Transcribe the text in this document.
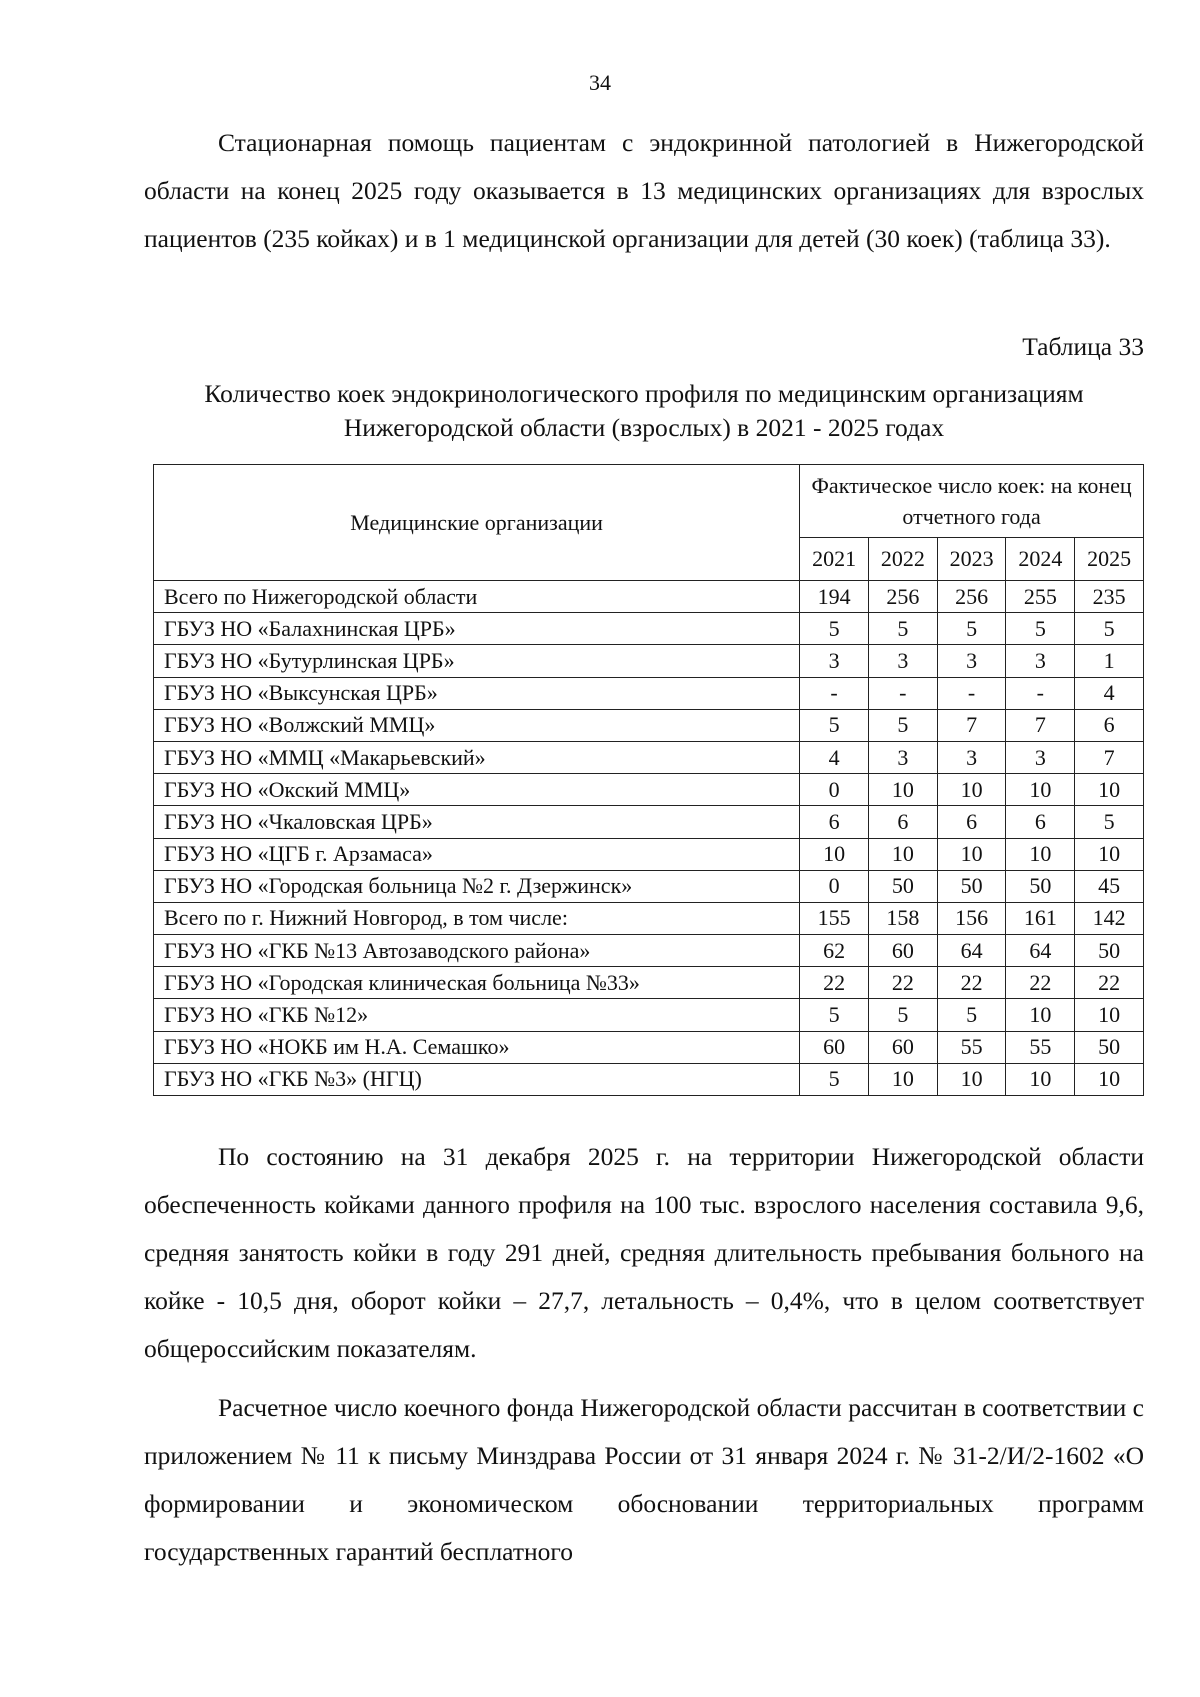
34

Стационарная помощь пациентам с эндокринной патологией в Нижегородской области на конец 2025 году оказывается в 13 медицинских организациях для взрослых пациентов (235 койках) и в 1 медицинской организации для детей (30 коек) (таблица 33).

Таблица 33
Количество коек эндокринологического профиля по медицинским организациям
Нижегородской области (взрослых) в 2021 - 2025 годах
Медицинские организации	Фактическое число коек: на конец отчетного года				
	2021	2022	2023	2024	2025
Всего по Нижегородской области	194	256	256	255	235
ГБУЗ НО «Балахнинская ЦРБ»	5	5	5	5	5
ГБУЗ НО «Бутурлинская ЦРБ»	3	3	3	3	1
ГБУЗ НО «Выксунская ЦРБ»	-	-	-	-	4
ГБУЗ НО «Волжский ММЦ»	5	5	7	7	6
ГБУЗ НО «ММЦ «Макарьевский»	4	3	3	3	7
ГБУЗ НО «Окский ММЦ»	0	10	10	10	10
ГБУЗ НО «Чкаловская ЦРБ»	6	6	6	6	5
ГБУЗ НО «ЦГБ г. Арзамаса»	10	10	10	10	10
ГБУЗ НО «Городская больница №2 г. Дзержинск»	0	50	50	50	45
Всего по г. Нижний Новгород, в том числе:	155	158	156	161	142
ГБУЗ НО «ГКБ №13 Автозаводского района»	62	60	64	64	50
ГБУЗ НО «Городская клиническая больница №33»	22	22	22	22	22
ГБУЗ НО «ГКБ №12»	5	5	5	10	10
ГБУЗ НО «НОКБ им Н.А. Семашко»	60	60	55	55	50
ГБУЗ НО «ГКБ №3» (НГЦ)	5	10	10	10	10

По состоянию на 31 декабря 2025 г. на территории Нижегородской области обеспеченность койками данного профиля на 100 тыс. взрослого населения составила 9,6, средняя занятость койки в году 291 дней, средняя длительность пребывания больного на койке - 10,5 дня, оборот койки – 27,7, летальность – 0,4%, что в целом соответствует общероссийским показателям.

Расчетное число коечного фонда Нижегородской области рассчитан в соответствии с приложением № 11 к письму Минздрава России от 31 января 2024 г. № 31-2/И/2-1602 «О формировании и экономическом обосновании территориальных программ государственных гарантий бесплатного
